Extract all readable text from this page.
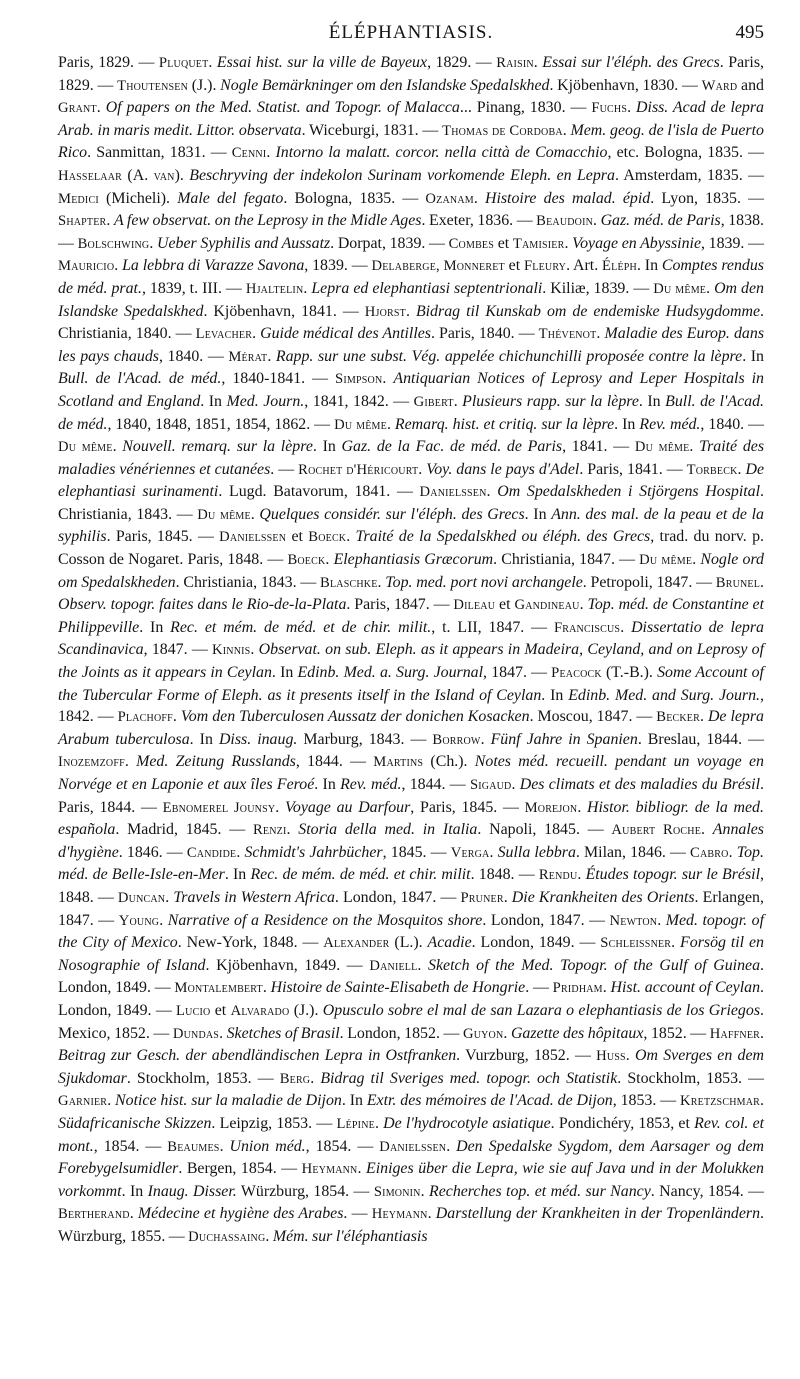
ÉLÉPHANTIASIS.	495

Paris, 1829. — Pluquet. Essai hist. sur la ville de Bayeux, 1829. — Raisin. Essai sur l'éléph. des Grecs. Paris, 1829. — Thoutensen (J.). Nogle Bemärkninger om den Islandske Spedalskhed. Kjöbenhavn, 1830. — Ward and Grant. Of papers on the Med. Statist. and Topogr. of Malacca... Pinang, 1830. — Fuchs. Diss. Acad de lepra Arab. in maris medit. Littor. observata. Wiceburgi, 1831. — Thomas de Cordoba. Mem. geog. de l'isla de Puerto Rico. Sanmittan, 1831. — Cenni. Intorno la malatt. corcor. nella città de Comacchio, etc. Bologna, 1835. — Hasselaar (A. van). Beschryving der indekolon Surinam vorkomende Eleph. en Lepra. Amsterdam, 1835. — Medici (Micheli). Male del fegato. Bologna, 1835. — Ozanam. Histoire des malad. épid. Lyon, 1835. — Shapter. A few observat. on the Leprosy in the Midle Ages. Exeter, 1836. — Beaudoin. Gaz. méd. de Paris, 1838. — Bolschwing. Ueber Syphilis and Aussatz. Dorpat, 1839. — Combes et Tamisier. Voyage en Abyssinie, 1839. — Mauricio. La lebbra di Varazze Savona, 1839. — Delaberge, Monneret et Fleury. Art. Éléph. In Comptes rendus de méd. prat., 1839, t. III. — Hjaltelin. Lepra ed elephantiasi septentrionali. Kiliæ, 1839. — Du même. Om den Islandske Spedalskhed. Kjöbenhavn, 1841. — Hjorst. Bidrag til Kunskab om de endemiske Hudsygdomme. Christiania, 1840. — Levacher. Guide médical des Antilles. Paris, 1840. — Thévenot. Maladie des Europ. dans les pays chauds, 1840. — Mérat. Rapp. sur une subst. Vég. appelée chichunchilli proposée contre la lèpre. In Bull. de l'Acad. de méd., 1840-1841. — Simpson. Antiquarian Notices of Leprosy and Leper Hospitals in Scotland and England. In Med. Journ., 1841, 1842. — Gibert. Plusieurs rapp. sur la lèpre. In Bull. de l'Acad. de méd., 1840, 1848, 1851, 1854, 1862. — Du même. Remarq. hist. et critiq. sur la lèpre. In Rev. méd., 1840. — Du même. Nouvell. remarq. sur la lèpre. In Gaz. de la Fac. de méd. de Paris, 1841. — Du même. Traité des maladies vénériennes et cutanées. — Rochet d'Héricourt. Voy. dans le pays d'Adel. Paris, 1841. — Torbeck. De elephantiasi surinamenti. Lugd. Batavorum, 1841. — Danielssen. Om Spedalskheden i Stjörgens Hospital. Christiania, 1843. — Du même. Quelques considér. sur l'éléph. des Grecs. In Ann. des mal. de la peau et de la syphilis. Paris, 1845. — Danielssen et Boeck. Traité de la Spedalskhed ou éléph. des Grecs, trad. du norv. p. Cosson de Nogaret. Paris, 1848. — Boeck. Elephantiasis Græcorum. Christiania, 1847. — Du même. Nogle ord om Spedalskheden. Christiania, 1843. — Blaschke. Top. med. port novi archangele. Petropoli, 1847. — Brunel. Observ. topogr. faites dans le Rio-de-la-Plata. Paris, 1847. — Dileau et Gandineau. Top. méd. de Constantine et Philippeville. In Rec. et mém. de méd. et de chir. milit., t. LII, 1847. — Franciscus. Dissertatio de lepra Scandinavica, 1847. — Kinnis. Observat. on sub. Eleph. as it appears in Madeira, Ceyland, and on Leprosy of the Joints as it appears in Ceylan. In Edinb. Med. a. Surg. Journal, 1847. — Peacock (T.-B.). Some Account of the Tubercular Forme of Eleph. as it presents itself in the Island of Ceylan. In Edinb. Med. and Surg. Journ., 1842. — Plachoff. Vom den Tuberculosen Aussatz der donichen Kosacken. Moscou, 1847. — Becker. De lepra Arabum tuberculosa. In Diss. inaug. Marburg, 1843. — Borrow. Fünf Jahre in Spanien. Breslau, 1844. — Inozemzoff. Med. Zeitung Russlands, 1844. — Martins (Ch.). Notes méd. recueill. pendant un voyage en Norvége et en Laponie et aux îles Feroé. In Rev. méd., 1844. — Sigaud. Des climats et des maladies du Brésil. Paris, 1844. — Ebnomerel Jounsy. Voyage au Darfour, Paris, 1845. — Morejon. Histor. bibliogr. de la med. española. Madrid, 1845. — Renzi. Storia della med. in Italia. Napoli, 1845. — Aubert Roche. Annales d'hygiène. 1846. — Candide. Schmidt's Jahrbücher, 1845. — Verga. Sulla lebbra. Milan, 1846. — Cabro. Top. méd. de Belle-Isle-en-Mer. In Rec. de mém. de méd. et chir. milit. 1848. — Rendu. Études topogr. sur le Brésil, 1848. — Duncan. Travels in Western Africa. London, 1847. — Pruner. Die Krankheiten des Orients. Erlangen, 1847. — Young. Narrative of a Residence on the Mosquitos shore. London, 1847. — Newton. Med. topogr. of the City of Mexico. New-York, 1848. — Alexander (L.). Acadie. London, 1849. — Schleissner. Forsög til en Nosographie of Island. Kjöbenhavn, 1849. — Daniell. Sketch of the Med. Topogr. of the Gulf of Guinea. London, 1849. — Montalembert. Histoire de Sainte-Elisabeth de Hongrie. — Pridham. Hist. account of Ceylan. London, 1849. — Lucio et Alvarado (J.). Opusculo sobre el mal de san Lazara o elephantiasis de los Griegos. Mexico, 1852. — Dundas. Sketches of Brasil. London, 1852. — Guyon. Gazette des hôpitaux, 1852. — Haffner. Beitrag zur Gesch. der abendländischen Lepra in Ostfranken. Vurzburg, 1852. — Huss. Om Sverges en dem Sjukdomar. Stockholm, 1853. — Berg. Bidrag til Sveriges med. topogr. och Statistik. Stockholm, 1853. — Garnier. Notice hist. sur la maladie de Dijon. In Extr. des mémoires de l'Acad. de Dijon, 1853. — Kretzschmar. Südafricanische Skizzen. Leipzig, 1853. — Lépine. De l'hydrocotyle asiatique. Pondichéry, 1853, et Rev. col. et mont., 1854. — Beaumes. Union méd., 1854. — Danielssen. Den Spedalske Sygdom, dem Aarsager og dem Forebygelsumidler. Bergen, 1854. — Heymann. Einiges über die Lepra, wie sie auf Java und in der Molukken vorkommt. In Inaug. Disser. Würzburg, 1854. — Simonin. Recherches top. et méd. sur Nancy. Nancy, 1854. — Bertherand. Médecine et hygiène des Arabes. — Heymann. Darstellung der Krankheiten in der Tropenländern. Würzburg, 1855. — Duchassaing. Mém. sur l'éléphantiasis
